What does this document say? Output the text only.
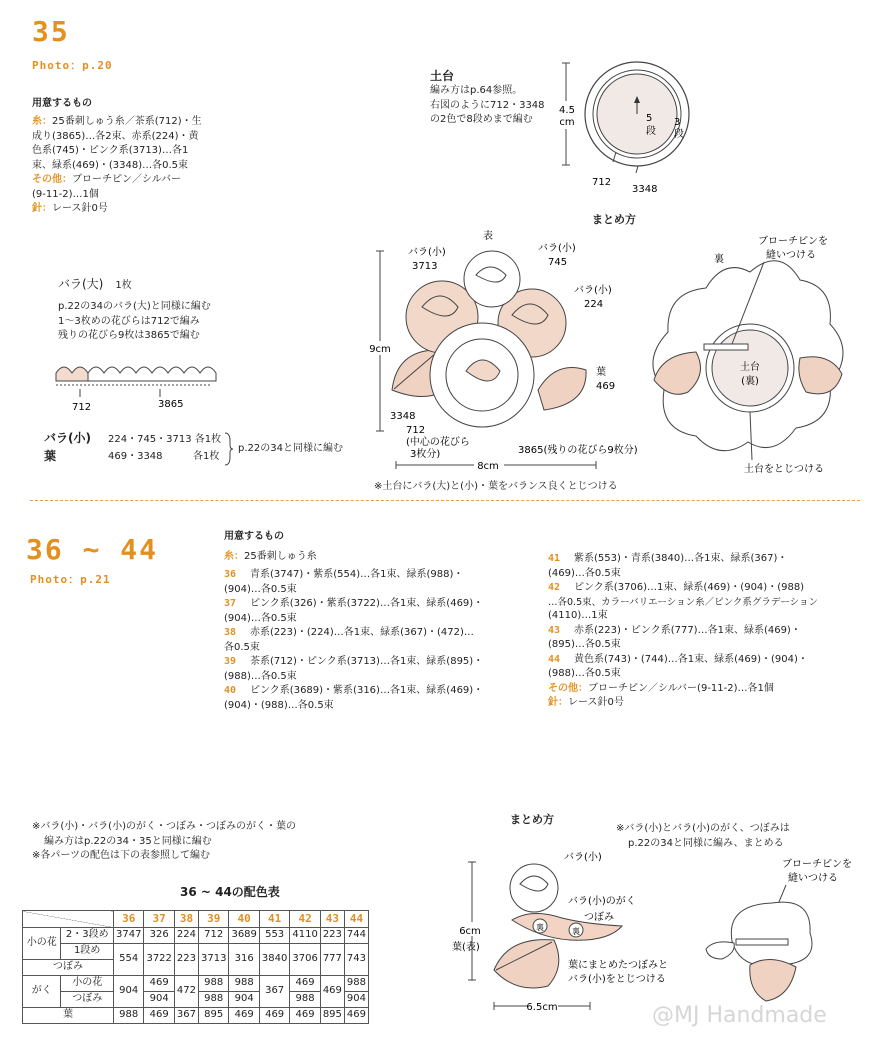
35
Photo：p.20
用意するもの
糸：25番刺しゅう糸／茶系(712)・生
成り(3865)…各2束、赤系(224)・黄
色系(745)・ピンク系(3713)…各1
束、緑系(469)・(3348)…各0.5束
その他：ブローチピン／シルバー
(9-11-2)…1個
針：レース針0号
土台
編み方はp.64参照。
右図のように712・3348
の2色で8段めまで編む
4.5
cm	5
段
3
段
712
3348
バラ(大)　 1枚
p.22の34のバラ(大)と同様に編む
1〜3枚めの花びらは712で編み
残りの花びら9枚は3865で編む
712	3865
バラ(小)
葉
224・745・3713 各1枚
469・3348	各1枚
p.22の34と同様に編む
まとめ方
9cm
8cm
表
バラ(小)
3713
バラ(小)
745
バラ(小)
224
葉
469
3348
712
(中心の花びら
3枚分)	3865(残りの花びら9枚分)
裏
ブローチピンを
縫いつける
土台
(裏)
土台をとじつける
※土台にバラ(大)と(小)・葉をバランス良くとじつける
36 ~ 44
Photo：p.21
用意するもの
糸：25番刺しゅう糸
36 青系(3747)・紫系(554)…各1束、緑系(988)・
(904)…各0.5束
37 ピンク系(326)・紫系(3722)…各1束、緑系(469)・
(904)…各0.5束
38 赤系(223)・(224)…各1束、緑系(367)・(472)…
各0.5束
39 茶系(712)・ピンク系(3713)…各1束、緑系(895)・
(988)…各0.5束
40 ピンク系(3689)・紫系(316)…各1束、緑系(469)・
(904)・(988)…各0.5束
41 紫系(553)・青系(3840)…各1束、緑系(367)・
(469)…各0.5束
42 ピンク系(3706)…1束、緑系(469)・(904)・(988)
…各0.5束、カラーバリエーション糸／ピンク系グラデーション
(4110)…1束
43 赤系(223)・ピンク系(777)…各1束、緑系(469)・
(895)…各0.5束
44 黄色系(743)・(744)…各1束、緑系(469)・(904)・
(988)…各0.5束
その他：ブローチピン／シルバー(9-11-2)…各1個
針：レース針0号
※バラ(小)・バラ(小)のがく・つぼみ・つぼみのがく・葉の
編み方はp.22の34・35と同様に編む
※各パーツの配色は下の表参照して編む
36 ~ 44の配色表
		36	37	38	39	40	41	42	43	44
小の花	2・3段め	3747	326	224	712	3689	553	4110	223	744
	1段め	554	3722	223	3713	316	3840	3706	777	743
つぼみ										
がく	小の花	904	469	472	988	988	367	469	469	988
	つぼみ		904		988	904		988		904
葉		988	469	367	895	469	469	469	895	469
まとめ方
※バラ(小)とバラ(小)のがく、つぼみは
p.22の34と同様に編み、まとめる
6cm
6.5cm
裏	裏
バラ(小)
バラ(小)のがく
つぼみ
葉(表)
葉にまとめたつぼみと
バラ(小)をとじつける
ブローチピンを
縫いつける
@MJ Handmade
